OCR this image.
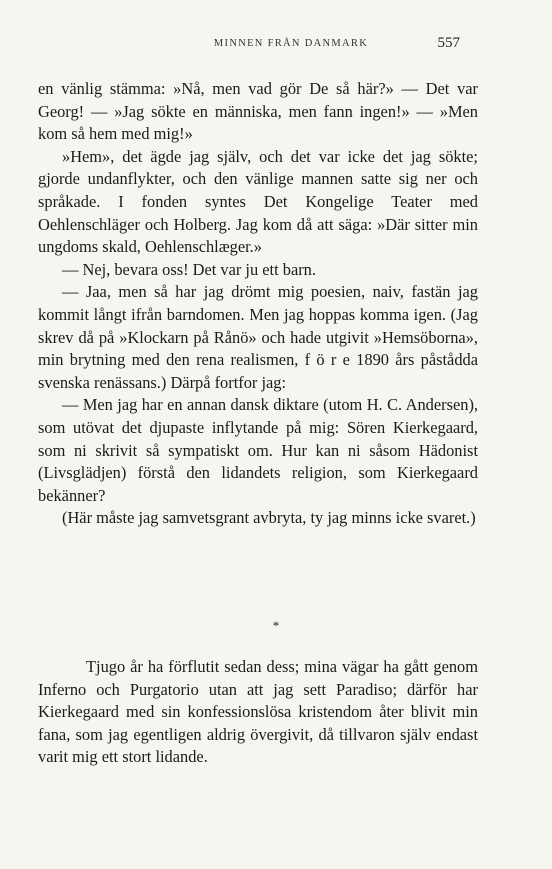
MINNEN FRÅN DANMARK	557

en vänlig stämma: »Nå, men vad gör De så här?» — Det var Georg! — »Jag sökte en människa, men fann ingen!» — »Men kom så hem med mig!»

»Hem», det ägde jag själv, och det var icke det jag sökte; gjorde undanflykter, och den vänlige mannen satte sig ner och språkade. I fonden syntes Det Kongelige Teater med Oehlenschläger och Holberg. Jag kom då att säga: »Där sitter min ungdoms skald, Oehlenschlæger.»

— Nej, bevara oss! Det var ju ett barn.

— Jaa, men så har jag drömt mig poesien, naiv, fastän jag kommit långt ifrån barndomen. Men jag hoppas komma igen. (Jag skrev då på »Klockarn på Rånö» och hade utgivit »Hemsöborna», min brytning med den rena realismen, f ö r e 1890 års påstådda svenska renässans.) Därpå fortfor jag:

— Men jag har en annan dansk diktare (utom H. C. Andersen), som utövat det djupaste inflytande på mig: Sören Kierkegaard, som ni skrivit så sympatiskt om. Hur kan ni såsom Hädonist (Livsglädjen) förstå den lidandets religion, som Kierkegaard bekänner?

(Här måste jag samvetsgrant avbryta, ty jag minns icke svaret.)

*

Tjugo år ha förflutit sedan dess; mina vägar ha gått genom Inferno och Purgatorio utan att jag sett Paradiso; därför har Kierkegaard med sin konfessionslösa kristendom åter blivit min fana, som jag egentligen aldrig övergivit, då tillvaron själv endast varit mig ett stort lidande.
